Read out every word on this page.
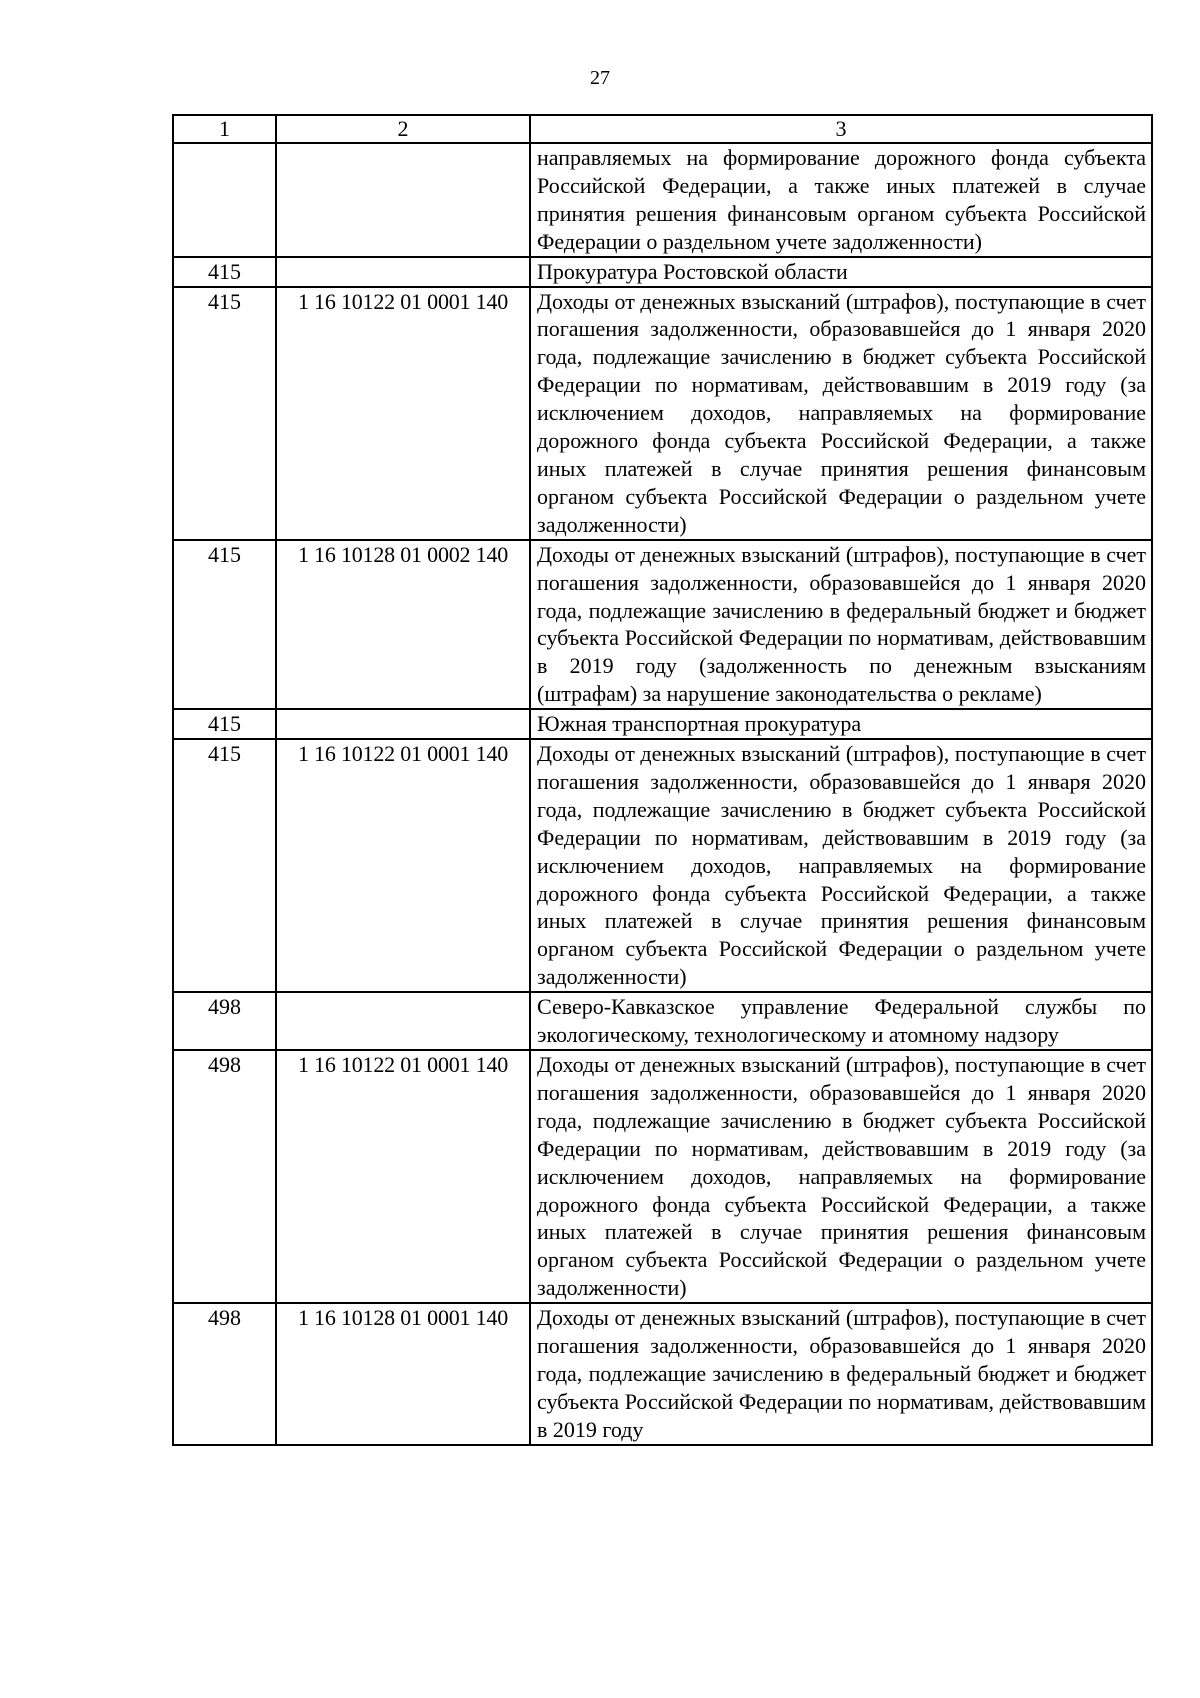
27
1	2	3
		направляемых на формирование дорожного фонда субъекта Российской Федерации, а также иных платежей в случае принятия решения финансовым органом субъекта Российской Федерации о раздельном учете задолженности)
415		Прокуратура Ростовской области
415	1 16 10122 01 0001 140	Доходы от денежных взысканий (штрафов), поступающие в счет погашения задолженности, образовавшейся до 1 января 2020 года, подлежащие зачислению в бюджет субъекта Российской Федерации по нормативам, действовавшим в 2019 году (за исключением доходов, направляемых на формирование дорожного фонда субъекта Российской Федерации, а также иных платежей в случае принятия решения финансовым органом субъекта Российской Федерации о раздельном учете задолженности)
415	1 16 10128 01 0002 140	Доходы от денежных взысканий (штрафов), поступающие в счет погашения задолженности, образовавшейся до 1 января 2020 года, подлежащие зачислению в федеральный бюджет и бюджет субъекта Российской Федерации по нормативам, действовавшим в 2019 году (задолженность по денежным взысканиям (штрафам) за нарушение законодательства о рекламе)
415		Южная транспортная прокуратура
415	1 16 10122 01 0001 140	Доходы от денежных взысканий (штрафов), поступающие в счет погашения задолженности, образовавшейся до 1 января 2020 года, подлежащие зачислению в бюджет субъекта Российской Федерации по нормативам, действовавшим в 2019 году (за исключением доходов, направляемых на формирование дорожного фонда субъекта Российской Федерации, а также иных платежей в случае принятия решения финансовым органом субъекта Российской Федерации о раздельном учете задолженности)
498		Северо-Кавказское управление Федеральной службы по экологическому, технологическому и атомному надзору
498	1 16 10122 01 0001 140	Доходы от денежных взысканий (штрафов), поступающие в счет погашения задолженности, образовавшейся до 1 января 2020 года, подлежащие зачислению в бюджет субъекта Российской Федерации по нормативам, действовавшим в 2019 году (за исключением доходов, направляемых на формирование дорожного фонда субъекта Российской Федерации, а также иных платежей в случае принятия решения финансовым органом субъекта Российской Федерации о раздельном учете задолженности)
498	1 16 10128 01 0001 140	Доходы от денежных взысканий (штрафов), поступающие в счет погашения задолженности, образовавшейся до 1 января 2020 года, подлежащие зачислению в федеральный бюджет и бюджет субъекта Российской Федерации по нормативам, действовавшим в 2019 году
